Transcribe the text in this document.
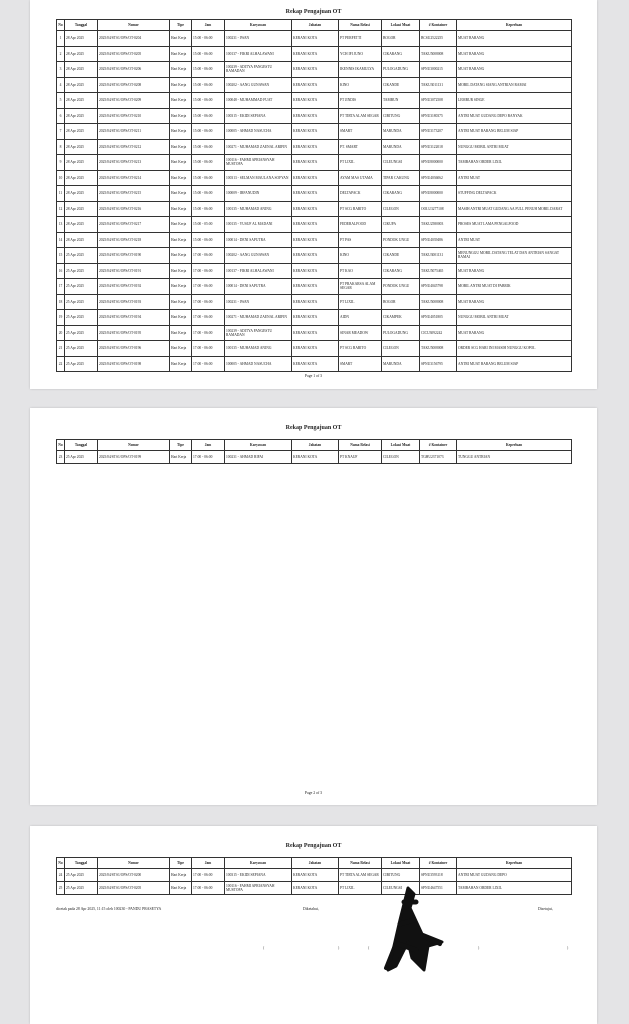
Rekap Pengajuan OT
No	Tanggal	Nomor	Tipe	Jam	Karyawan	Jabatan	Nama Relasi	Lokasi Muat	# Kontainer	Keperluan
1	28 Apr 2025	2025/04/STS1/OPS/OT-0204	Hari Kerja	15:00 - 06:00	100231 - IWAN	KERANI KOTA	PT PERFETTI	BOGOR	BCSU2522255	MUAT BARANG
2	28 Apr 2025	2025/04/STS1/OPS/OT-0205	Hari Kerja	15:00 - 06:00	100137 - FIKRI ALHALAWANI	KERANI KOTA	YCH IFI JUNO	CIKARANG	TAKU5008008	MUAT BARANG
3	28 Apr 2025	2025/04/STS1/OPS/OT-0206	Hari Kerja	15:00 - 06:00	100239 - ADITYA PANGESTU RAMADAN	KERANI KOTA	IKENNIS IKAMULYA	PULOGADUNG	SPNU3000215	MUAT BARANG
4	28 Apr 2025	2025/04/STS1/OPS/OT-0208	Hari Kerja	15:00 - 06:00	100202 - AANG GUNAWAN	KERANI KOTA	KINO	CIKANDE	TAKU3011131	MOBIL DATANG SIANG ANTRIAN RAMAI
5	28 Apr 2025	2025/04/STS1/OPS/OT-0209	Hari Kerja	15:00 - 06:00	100048 - MUHAMMAD FUAT	KERANI KOTA	PT JINDIS	TAMBUN	SPNU3072508	LEMBUR SINGE
6	28 Apr 2025	2025/04/STS1/OPS/OT-0210	Hari Kerja	15:00 - 06:00	100315 - EKIDI SEPIANA	KERANI KOTA	PT TIRTA ALAM SEGAR	CIBITUNG	SPNU3180375	ANTRI MUAT GUDANG DEPO BANYAK
7	28 Apr 2025	2025/04/STS1/OPS/OT-0211	Hari Kerja	15:00 - 06:00	100005 - AHMAD NASUCHA	KERANI KOTA	SMART	MARUNDA	SPNU3173207	ANTRI MUAT BARANG BELUM SIAP
8	28 Apr 2025	2025/04/STS1/OPS/OT-0212	Hari Kerja	15:00 - 06:00	100271 - MUHAMAD ZAENAL ARIFIN	KERANI KOTA	PT. SMART	MARUNDA	SPNU3122018	NUNGGU MOBIL ANTRI MUAT
9	28 Apr 2025	2025/04/STS1/OPS/OT-0213	Hari Kerja	15:00 - 06:00	100116 - FAHMI APRIANSYAH MUSTOFA	KERANI KOTA	PT LIXIL	CILEUNGSI	SPNU8000000	TAMBAHAN ORDER LIXIL
10	28 Apr 2025	2025/04/STS1/OPS/OT-0214	Hari Kerja	15:00 - 06:00	100313 - SELMAN MAULANA SOFYAN	KERANI KOTA	AYAM MAS UTAMA	TIPAR CAKUNG	SPNU4036062	ANTRI MUAT
11	28 Apr 2025	2025/04/STS1/OPS/OT-0215	Hari Kerja	15:00 - 06:00	100009 - IRFANUDIN	KERANI KOTA	DELTAPACK	CIKARANG	SPNU8000000	STUFFING DELTAPACK
12	28 Apr 2025	2025/04/STS1/OPS/OT-0216	Hari Kerja	15:00 - 06:00	100135 - MUHAMAD ANING	KERANI KOTA	PT SCG BARITO	CILEGON	OOLU3277108	MASIH ANTRI MUAT GUDANG AA FULL PENUH MOBIL DARAT
13	28 Apr 2025	2025/04/STS1/OPS/OT-0217	Hari Kerja	15:00 - 05:00	100135 - YUSUF AL MADANI	KERANI KOTA	FEDERALFOOD	CIKUPA	TAKU2580003	PROSES MUAT LAMA PENGALFOOD
14	28 Apr 2025	2025/04/STS1/OPS/OT-0218	Hari Kerja	15:00 - 06:00	100014 - DENI SAPUTRA	KERANI KOTA	PT PAS	PONDOK UNGU	SPNU4039486	ANTRI MUAT
15	25 Apr 2025	2025/04/STS1/OPS/OT-0190	Hari Kerja	17:00 - 06:00	100202 - AANG GUNAWAN	KERANI KOTA	KINO	CIKANDE	TAKU3001131	MENUNGGU MOBIL DATANG TELAT DAN ANTRIAN SANGAT RAMAI
16	25 Apr 2025	2025/04/STS1/OPS/OT-0191	Hari Kerja	17:00 - 06:00	100137 - FIKRI ALHALAWANI	KERANI KOTA	PT KAO	CIKARANG	TAKU5075465	MUAT BARANG
17	25 Apr 2025	2025/04/STS1/OPS/OT-0192	Hari Kerja	17:00 - 06:00	100014 - DENI SAPUTRA	KERANI KOTA	PT PRAKARSA ALAM SEGAR	PONDOK UNGU	SPNU4045798	MOBIL ANTRI MUAT DI PABRIK
18	25 Apr 2025	2025/04/STS1/OPS/OT-0193	Hari Kerja	17:00 - 06:00	100231 - IWAN	KERANI KOTA	PT LIXIL	BOGOR	TAKU5008008	MUAT BARANG
19	25 Apr 2025	2025/04/STS1/OPS/OT-0194	Hari Kerja	17:00 - 06:00	100271 - MUHAMAD ZAENAL ARIFIN	KERANI KOTA	AIDN	CIKAMPEK	SPNU4051805	NUNGGU MOBIL ANTRI MUAT
20	25 Apr 2025	2025/04/STS1/OPS/OT-0195	Hari Kerja	17:00 - 06:00	100239 - ADITYA PANGESTU RAMADAN	KERANI KOTA	SINAR MEADOW	PULOGADUNG	CICU3092242	MUAT BARANG
21	25 Apr 2025	2025/04/STS1/OPS/OT-0196	Hari Kerja	17:00 - 06:00	100135 - MUHAMAD ANING	KERANI KOTA	PT SCG BARITO	CILEGON	TAKU5008008	ORDER SCG HARI INI MASIH NUNGGU KOPOL
22	25 Apr 2025	2025/04/STS1/OPS/OT-0198	Hari Kerja	17:00 - 06:00	100005 - AHMAD NASUCHA	KERANI KOTA	SMART	MARUNDA	SPNU3156795	ANTRI MUAT BARANG BELUM SIAP
Page 1 of 3
Rekap Pengajuan OT
No	Tanggal	Nomor	Tipe	Jam	Karyawan	Jabatan	Nama Relasi	Lokasi Muat	# Kontainer	Keperluan
23	25 Apr 2025	2025/04/STS1/OPS/OT-0199	Hari Kerja	17:00 - 06:00	100231 - AHMAD RIFAI	KERANI KOTA	PT KNAUF	CILEGON	TGHU2371073	TUNGGU ANTRIAN
Page 2 of 3
Rekap Pengajuan OT
No	Tanggal	Nomor	Tipe	Jam	Karyawan	Jabatan	Nama Relasi	Lokasi Muat	# Kontainer	Keperluan
24	25 Apr 2025	2025/04/STS1/OPS/OT-0200	Hari Kerja	17:00 - 06:00	100315 - EKIDI SEPIANA	KERANI KOTA	PT TIRTA ALAM SEGAR	CIBITUNG	SPNU3593118	ANTRI MUAT GUDANG DEPO
25	25 Apr 2025	2025/04/STS1/OPS/OT-0205	Hari Kerja	17:00 - 06:00	100116 - FAHMI APRIANSYAH MUSTOFA	KERANI KOTA	PT LIXIL	CILEUNGSI	SPNU4647551	TAMBAHAN ORDER LIXIL
dicetak pada 28 Apr 2025, 11:15 oleh 100230 - PANDU PRASETYA	Diketahui,	Disetujui,
(	)	(	)	)
